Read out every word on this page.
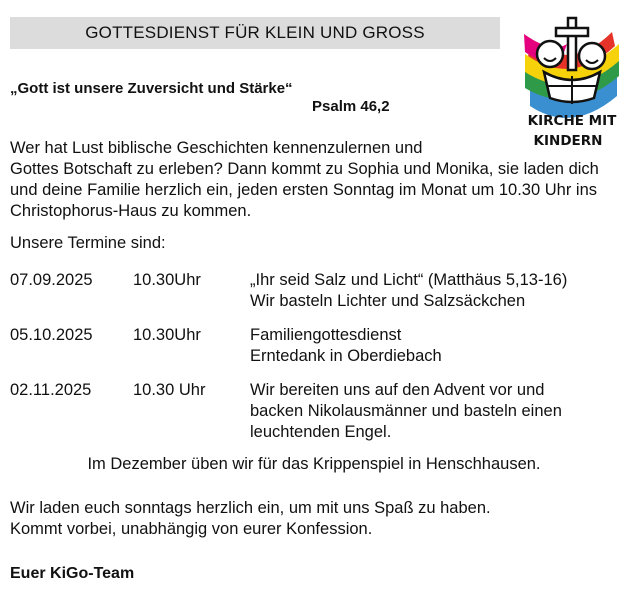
GOTTESDIENST FÜR KLEIN UND GROSS
KIRCHE MIT
KINDERN
„Gott ist unsere Zuversicht und Stärke“
Psalm 46,2
Wer hat Lust biblische Geschichten kennenzulernen und
Gottes Botschaft zu erleben? Dann kommt zu Sophia und Monika, sie laden dich und deine Familie herzlich ein, jeden ersten Sonntag im Monat um 10.30 Uhr ins Christophorus-Haus zu kommen.
Unsere Termine sind:
07.09.2025 10.30Uhr	„Ihr seid Salz und Licht“ (Matthäus 5,13-16)
Wir basteln Lichter und Salzsäckchen
05.10.2025 10.30Uhr	Familiengottesdienst
Erntedank in Oberdiebach
02.11.2025	10.30 Uhr	Wir bereiten uns auf den Advent vor und
backen Nikolausmänner und basteln einen
leuchtenden Engel.
Im Dezember üben wir für das Krippenspiel in Henschhausen.
Wir laden euch sonntags herzlich ein, um mit uns Spaß zu haben.
Kommt vorbei, unabhängig von eurer Konfession.
Euer KiGo-Team
